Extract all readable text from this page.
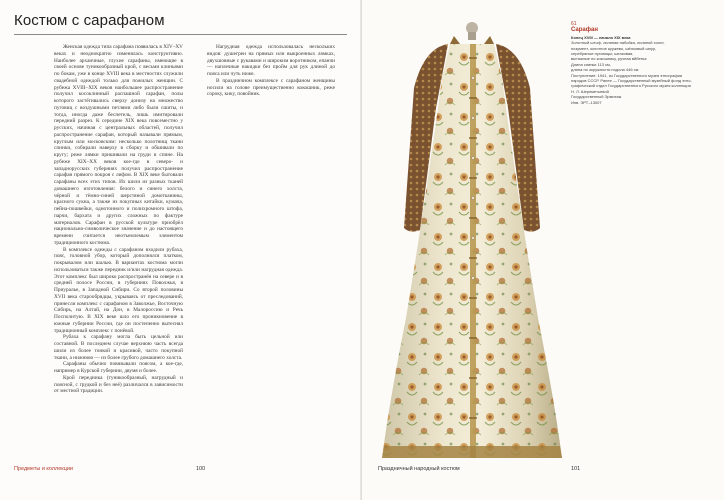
Костюм с сарафаном

Женская одежда типа сарафана появилась в XIV–XV веках и неоднократно изменялась конструктивно. Наиболее архаичные, глухие сарафаны, имеющие в своей основе туникообразный крой, с весьми клиньями по бокам, уже в конце XVIII века в местностях служили свадебной одеждой только для пожилых женщин. С рубежа XVIII–XIX веков наибольшее распространение получил косоклинный распашной сарафан, полы которого застёгивались сверху донизу на множество пуговиц с воздушными петлями либо были сшиты, и тогда, иногда даже беспетель, лишь имитировали передний разрез. К середине XIX века повсеместно у русских, начиная с центральных областей, получил распространение сарафан, который называли прямым, круглым или московским: несколько полотнищ ткани спинки, собирали наверху в сборку и обшивали по кругу; реже лямки пришивали на груди и спине. На рубеже XIX–XX веков кое-где в северо- и западнорусских губерниях получил распространение сарафан прямого покроя с лифом. В XIX веке бытовали сарафаны всех этих типов. Их шили из разных тканей домашнего изготовления: белого и синего холста, чёрной и тёмно-синей шерстяной домотканины, красного сукна, а также из покупных китайки, кумача, пейна-пошвейки, однотонного и полихромного штофа, парчи, бархата и других сложных по фактуре материалов. Сарафан в русской культуре приобрёл национально-символическое значение и до настоящего времени считается неотъемлемым элементом традиционного костюма.

В комплексе одежды с сарафаном входили рубаха, пояс, головной убор, который дополнялся платком, покрывалом или шалью. В вариантах костюма могли использоваться также передник и/или нагрудная одежда. Этот комплекс был широко распространён на севере и в средней полосе России, в губерниях Поволжья, в Приуралье, в Западной Сибири. Со второй половины XVII века старообрядцы, укрываясь от преследований, принесли комплекс с сарафаном в Заволжье, Восточную Сибирь, на Алтай, на Дон, в Малороссию и Речь Посполитую. В XIX веке шло его проникновение в южные губернии России, где он постепенно вытеснял традиционный комплекс с понёвой.

Рубаха к сарафану могла быть цельной или составной. В последнем случае верхнюю часть всегда шили из более тонкой и красивой, часто покупной ткани, а нижнюю — из более грубого домашнего холста.

Сарафаны обычно повязывали поясом, а кое-где, например в Курской губернии, двумя и более.

Крой передника (туникообразный, нагрудный и поясной, с грудкой и без неё) различался в зависимости от местной традиции.

Нагрудная одежда использовалась нескольких видов: душегреи на прямых или выкроенных лямках, двухшовные с рукавами и широким воротником, епанчи — наплечные накидки без пройм для рук длиной до пояса или чуть ниже.

В праздничном комплексе с сарафаном женщины носили на голове преимущественно кокошник, реже сороку, кику, повойник.

Предметы и коллекции	100
61
Сарафан
Конец XVIII — начало XIX века
Золотный штоф, льняная набойка, льняной холст,
позумент, золотное кружево, шёлковый шнур,
серебряные пуговицы; шелковая,
вытяжные по кокошнику, ручная вйбетка
Длина спинки 113 см,
длина по окружности подола 446 см
Поступление: 1941, из Государственного музея этнографии
народов СССР. Ранее — Государственный музейный фонд этно-
графический отдел Государственного Русского музея коллекция
Н. Л. Шереметьевой
Государственный Эрмитаж
Инв. ЭРТ–13007
Праздничный народный костюм	101
